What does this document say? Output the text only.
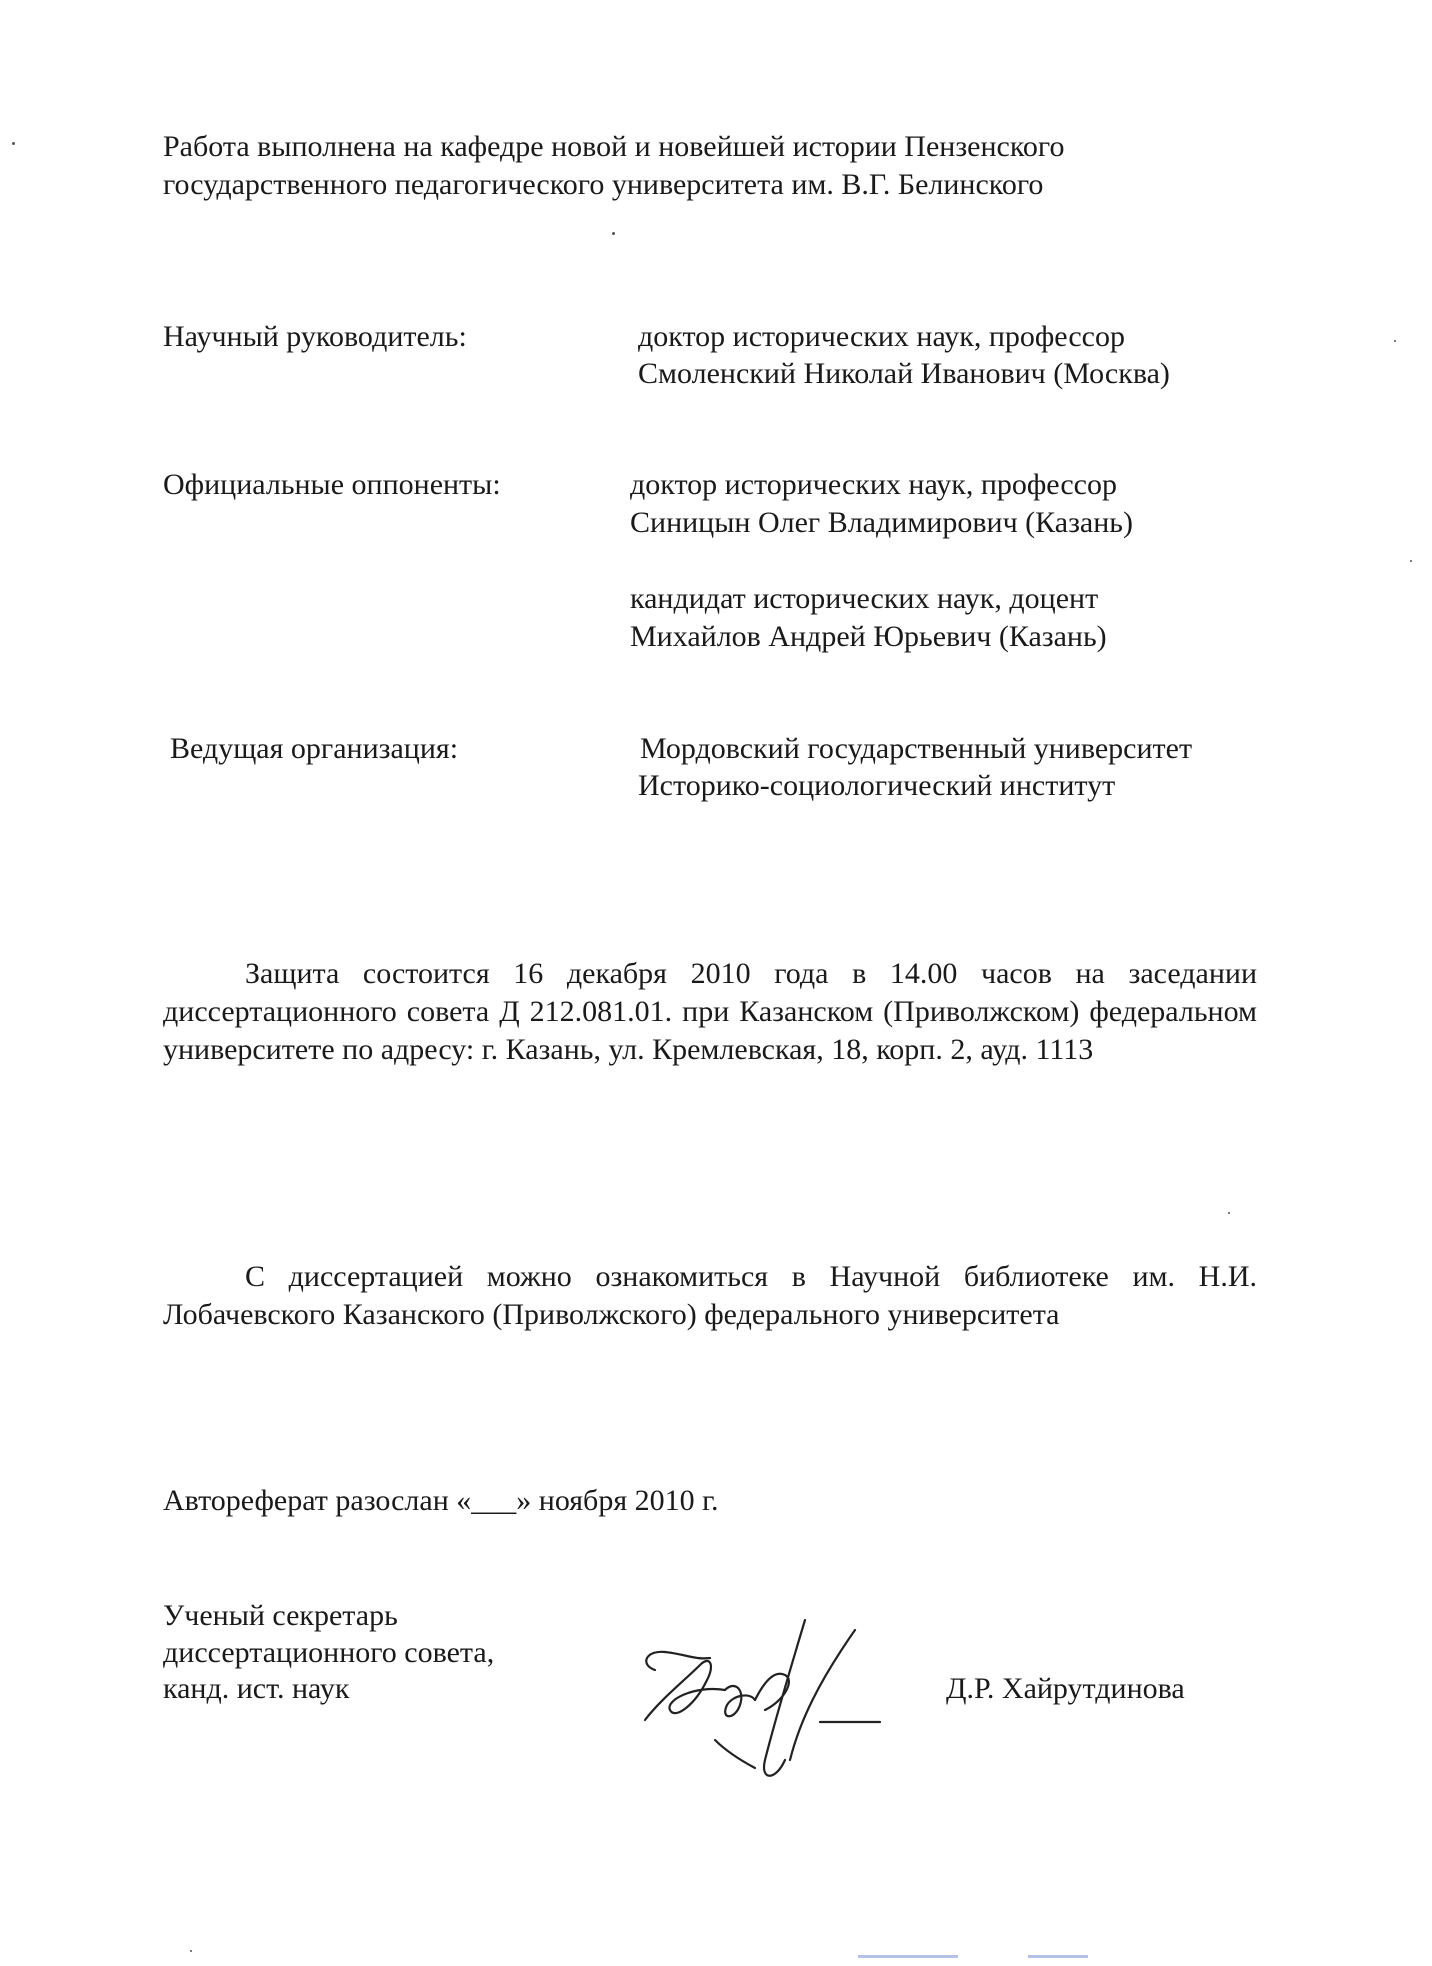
Работа выполнена на кафедре новой и новейшей истории Пензенского
государственного педагогического университета им. В.Г. Белинского
Научный руководитель:	доктор исторических наук, профессор
Смоленский Николай Иванович (Москва)
Официальные оппоненты:	доктор исторических наук, профессор
Синицын Олег Владимирович (Казань)
кандидат исторических наук, доцент
Михайлов Андрей Юрьевич (Казань)
Ведущая организация:	Мордовский государственный университет
Историко-социологический институт
Защита состоится 16 декабря 2010 года в 14.00 часов на заседании диссертационного совета Д 212.081.01. при Казанском (Приволжском) федеральном университете по адресу: г. Казань, ул. Кремлевская, 18, корп. 2, ауд. 1113
С диссертацией можно ознакомиться в Научной библиотеке им. Н.И. Лобачевского Казанского (Приволжского) федерального университета
Автореферат разослан «___» ноября 2010 г.
Ученый секретарь
диссертационного совета,
канд. ист. наук	Д.Р. Хайрутдинова
